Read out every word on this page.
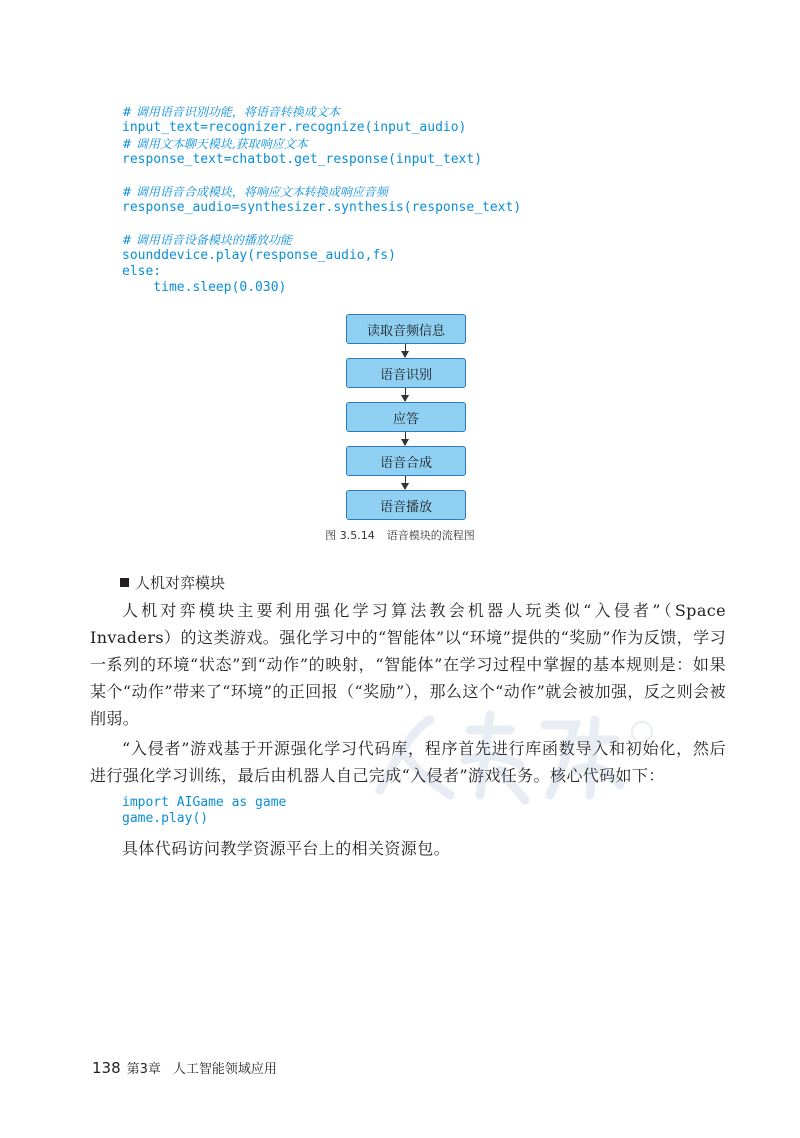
# 调用语音识别功能，将语音转换成文本
input_text=recognizer.recognize(input_audio)
# 调用文本聊天模块,获取响应文本
response_text=chatbot.get_response(input_text)
# 调用语音合成模块，将响应文本转换成响应音频
response_audio=synthesizer.synthesis(response_text)
# 调用语音设备模块的播放功能
sounddevice.play(response_audio,fs)
else:
time.sleep(0.030)
读取音频信息
语音识别
应答
语音合成
语音播放
图 3.5.14 语音模块的流程图
人机对弈模块
人机对弈模块主要利用强化学习算法教会机器人玩类似“入侵者”（Space Invaders）的这类游戏。强化学习中的“智能体”以“环境”提供的“奖励”作为反馈，学习一系列的环境“状态”到“动作”的映射，“智能体”在学习过程中掌握的基本规则是：如果某个“动作”带来了“环境”的正回报（“奖励”），那么这个“动作”就会被加强，反之则会被削弱。
“入侵者”游戏基于开源强化学习代码库，程序首先进行库函数导入和初始化，然后进行强化学习训练，最后由机器人自己完成“入侵者”游戏任务。核心代码如下：
import AIGame as game
game.play()
具体代码访问教学资源平台上的相关资源包。
138 第3章 人工智能领域应用
